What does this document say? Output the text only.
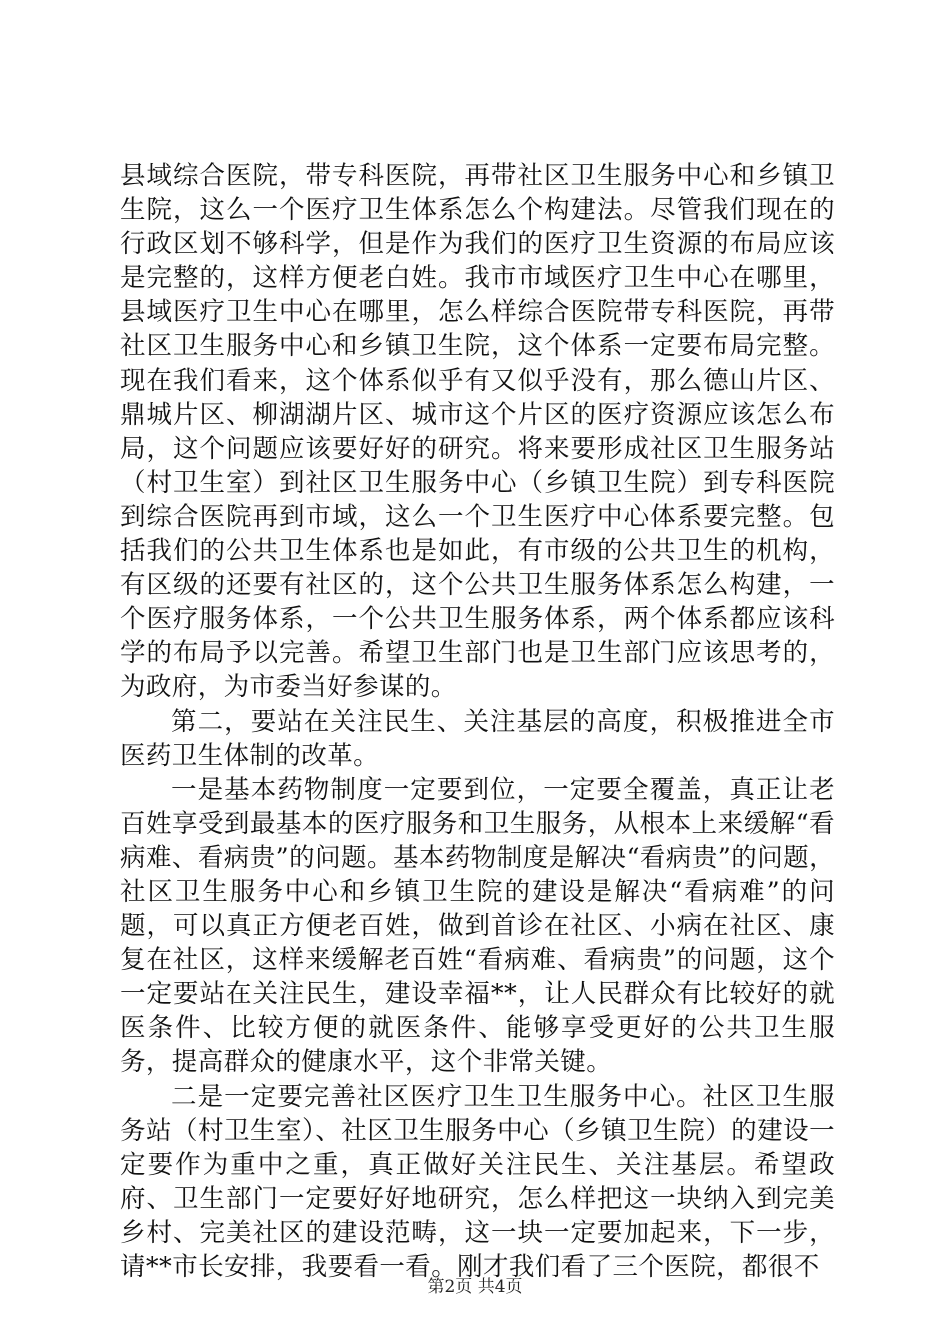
县域综合医院，带专科医院，再带社区卫生服务中心和乡镇卫生院，这么一个医疗卫生体系怎么个构建法。尽管我们现在的行政区划不够科学，但是作为我们的医疗卫生资源的布局应该是完整的，这样方便老白姓。我市市域医疗卫生中心在哪里，县域医疗卫生中心在哪里，怎么样综合医院带专科医院，再带社区卫生服务中心和乡镇卫生院，这个体系一定要布局完整。现在我们看来，这个体系似乎有又似乎没有，那么德山片区、鼎城片区、柳湖湖片区、城市这个片区的医疗资源应该怎么布局，这个问题应该要好好的研究。将来要形成社区卫生服务站（村卫生室）到社区卫生服务中心（乡镇卫生院）到专科医院到综合医院再到市域，这么一个卫生医疗中心体系要完整。包括我们的公共卫生体系也是如此，有市级的公共卫生的机构，有区级的还要有社区的，这个公共卫生服务体系怎么构建，一个医疗服务体系，一个公共卫生服务体系，两个体系都应该科学的布局予以完善。希望卫生部门也是卫生部门应该思考的，为政府，为市委当好参谋的。

第二，要站在关注民生、关注基层的高度，积极推进全市医药卫生体制的改革。

一是基本药物制度一定要到位，一定要全覆盖，真正让老百姓享受到最基本的医疗服务和卫生服务，从根本上来缓解“看病难、看病贵”的问题。基本药物制度是解决“看病贵”的问题，社区卫生服务中心和乡镇卫生院的建设是解决“看病难”的问题，可以真正方便老百姓，做到首诊在社区、小病在社区、康复在社区，这样来缓解老百姓“看病难、看病贵”的问题，这个一定要站在关注民生，建设幸福**，让人民群众有比较好的就医条件、比较方便的就医条件、能够享受更好的公共卫生服务，提高群众的健康水平，这个非常关键。

二是一定要完善社区医疗卫生卫生服务中心。社区卫生服务站（村卫生室）、社区卫生服务中心（乡镇卫生院）的建设一定要作为重中之重，真正做好关注民生、关注基层。希望政府、卫生部门一定要好好地研究，怎么样把这一块纳入到完美乡村、完美社区的建设范畴，这一块一定要加起来，下一步，请**市长安排，我要看一看。刚才我们看了三个医院，都很不

第2页 共4页
